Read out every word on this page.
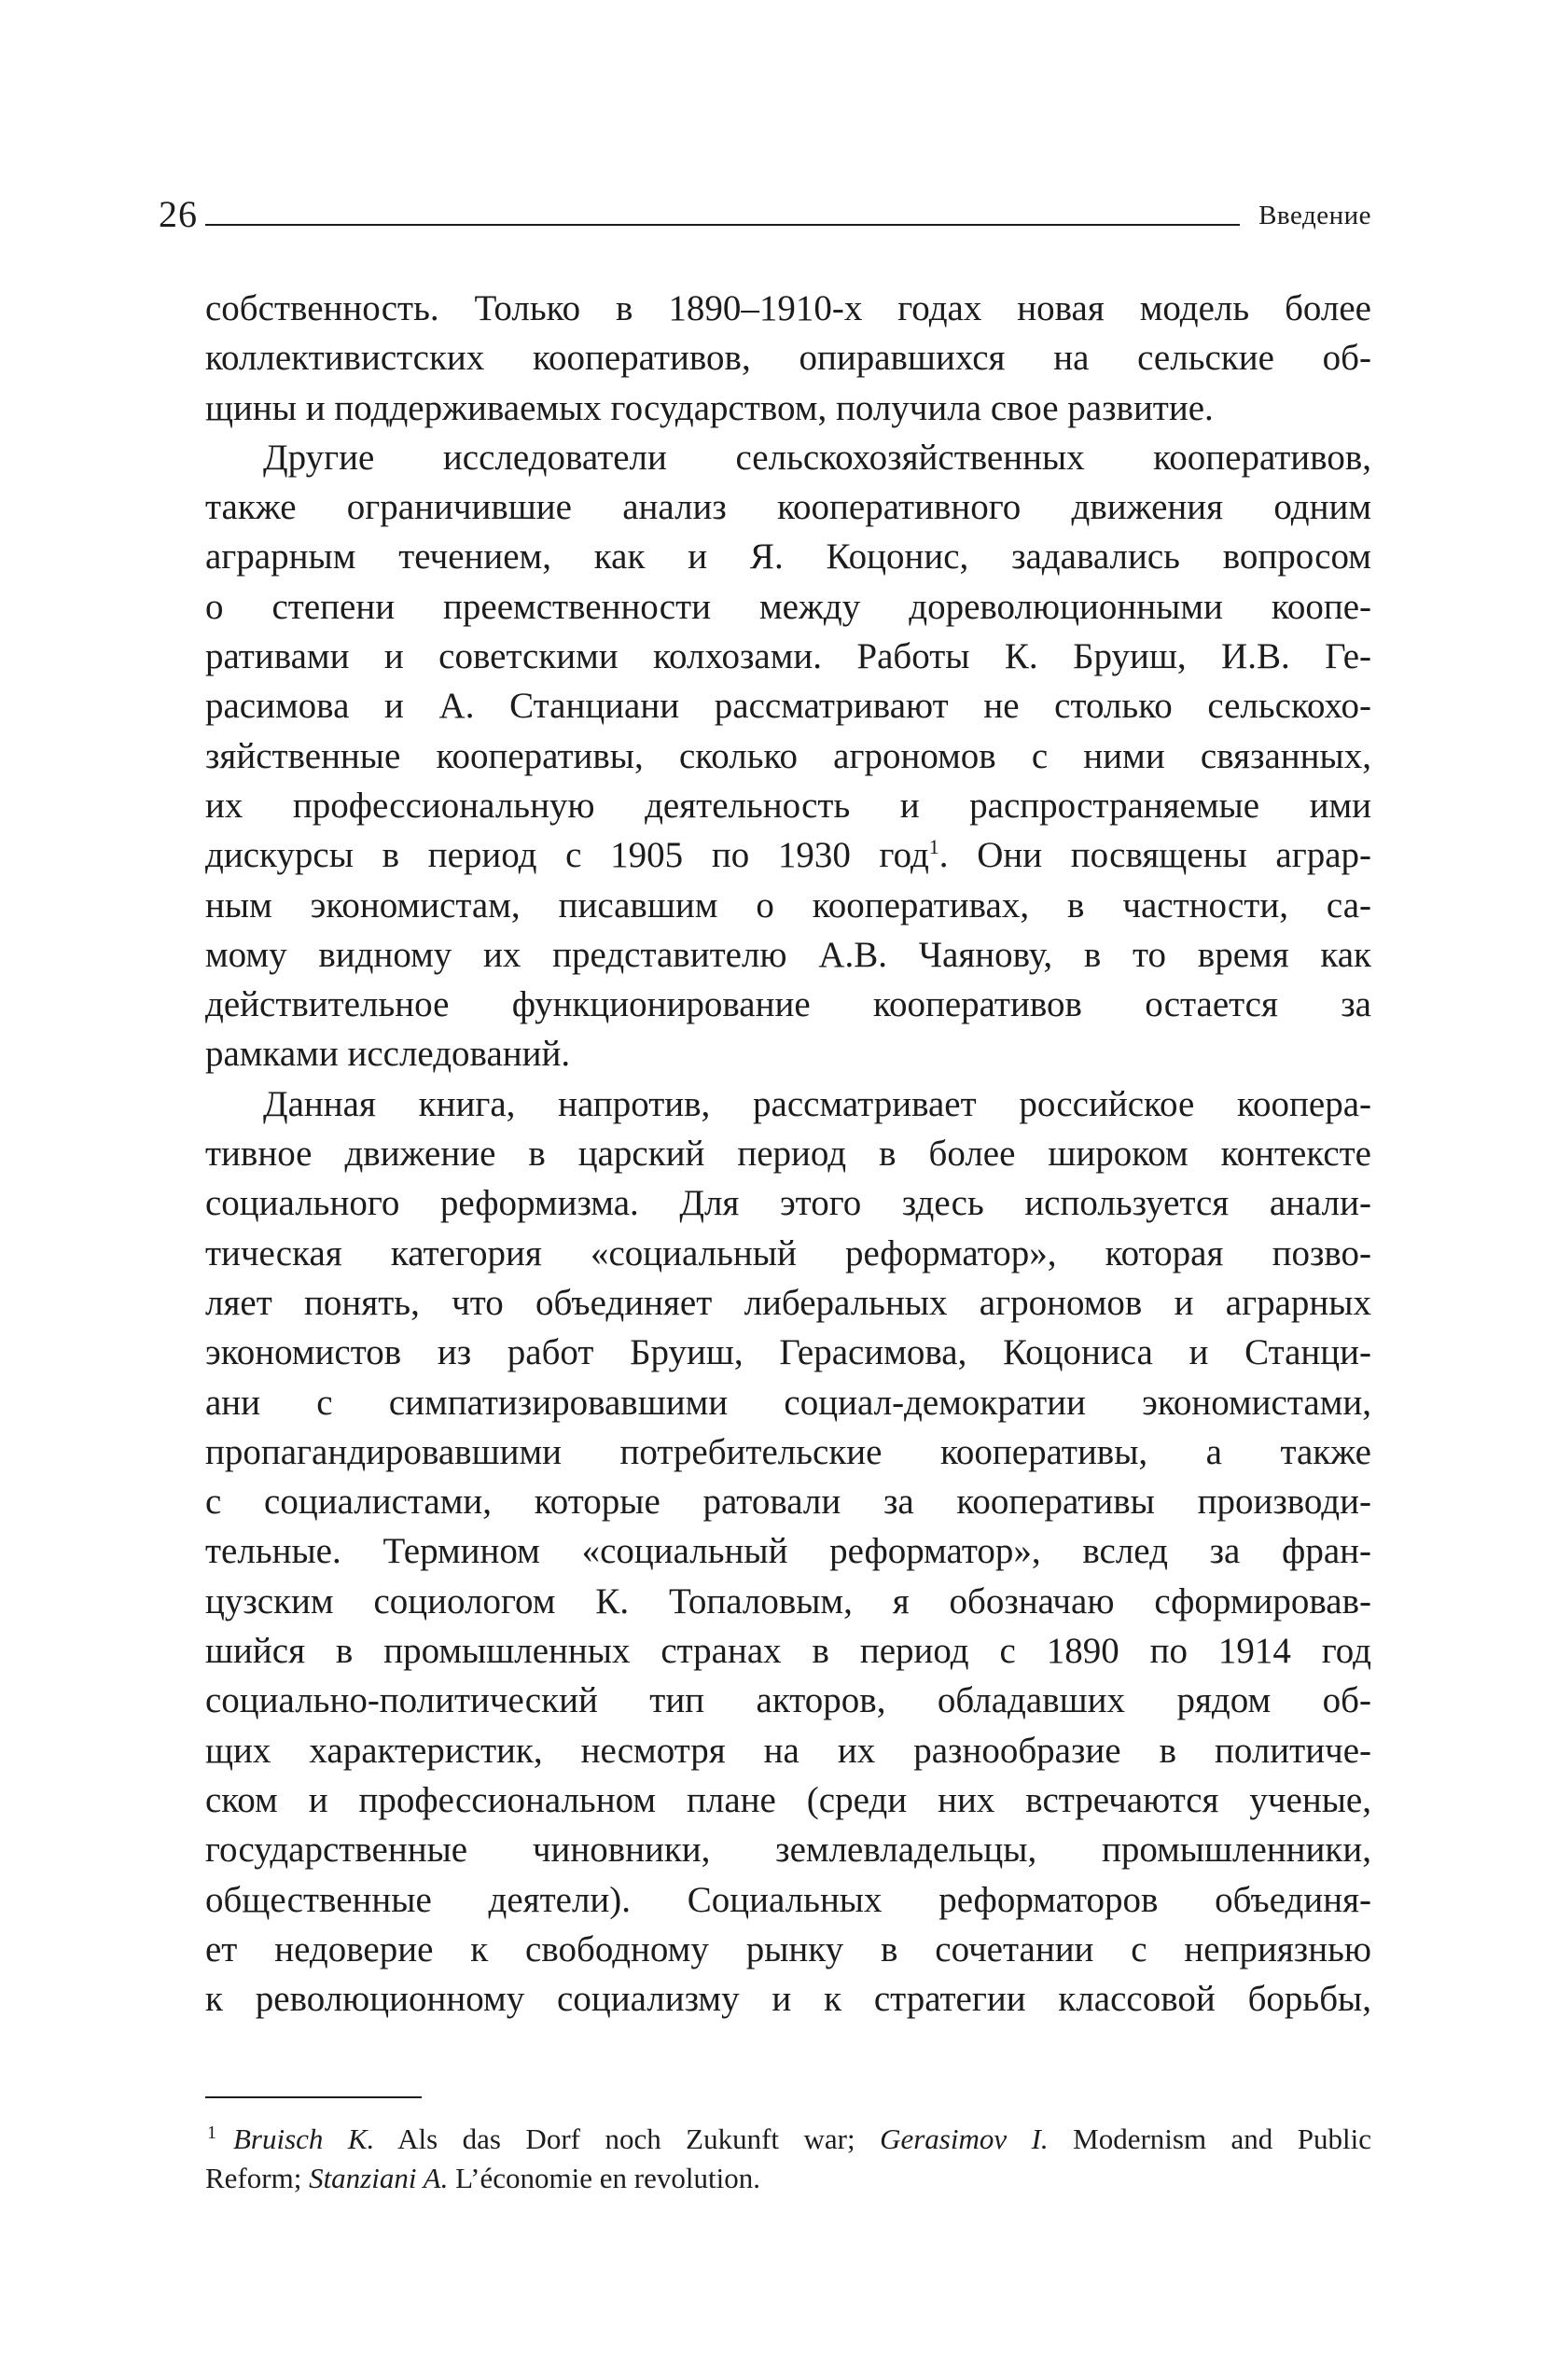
26	Введение
собственность. Только в 1890–1910-х годах новая модель более
коллективистских кооперативов, опиравшихся на сельские об-
щины и поддерживаемых государством, получила свое развитие.
Другие исследователи сельскохозяйственных кооперативов,
также ограничившие анализ кооперативного движения одним
аграрным течением, как и Я. Коцонис, задавались вопросом
о степени преемственности между дореволюционными коопе-
ративами и советскими колхозами. Работы К. Бруиш, И.В. Ге-
расимова и А. Станциани рассматривают не столько сельскохо-
зяйственные кооперативы, сколько агрономов с ними связанных,
их профессиональную деятельность и распространяемые ими
дискурсы в период с 1905 по 1930 год$^1$. Они посвящены аграр-
ным экономистам, писавшим о кооперативах, в частности, са-
мому видному их представителю А.В. Чаянову, в то время как
действительное функционирование кооперативов остается за
рамками исследований.
Данная книга, напротив, рассматривает российское коопера-
тивное движение в царский период в более широком контексте
социального реформизма. Для этого здесь используется анали-
тическая категория «социальный реформатор», которая позво-
ляет понять, что объединяет либеральных агрономов и аграрных
экономистов из работ Бруиш, Герасимова, Коцониса и Станци-
ани с симпатизировавшими социал-демократии экономистами,
пропагандировавшими потребительские кооперативы, а также
с социалистами, которые ратовали за кооперативы производи-
тельные. Термином «социальный реформатор», вслед за фран-
цузским социологом К. Топаловым, я обозначаю сформировав-
шийся в промышленных странах в период с 1890 по 1914 год
социально-политический тип акторов, обладавших рядом об-
щих характеристик, несмотря на их разнообразие в политиче-
ском и профессиональном плане (среди них встречаются ученые,
государственные чиновники, землевладельцы, промышленники,
общественные деятели). Социальных реформаторов объединя-
ет недоверие к свободному рынку в сочетании с неприязнью
к революционному социализму и к стратегии классовой борьбы,
$^1$ Bruisch K. Als das Dorf noch Zukunft war; Gerasimov I. Modernism and Public
Reform; Stanziani A. L’économie en revolution.
